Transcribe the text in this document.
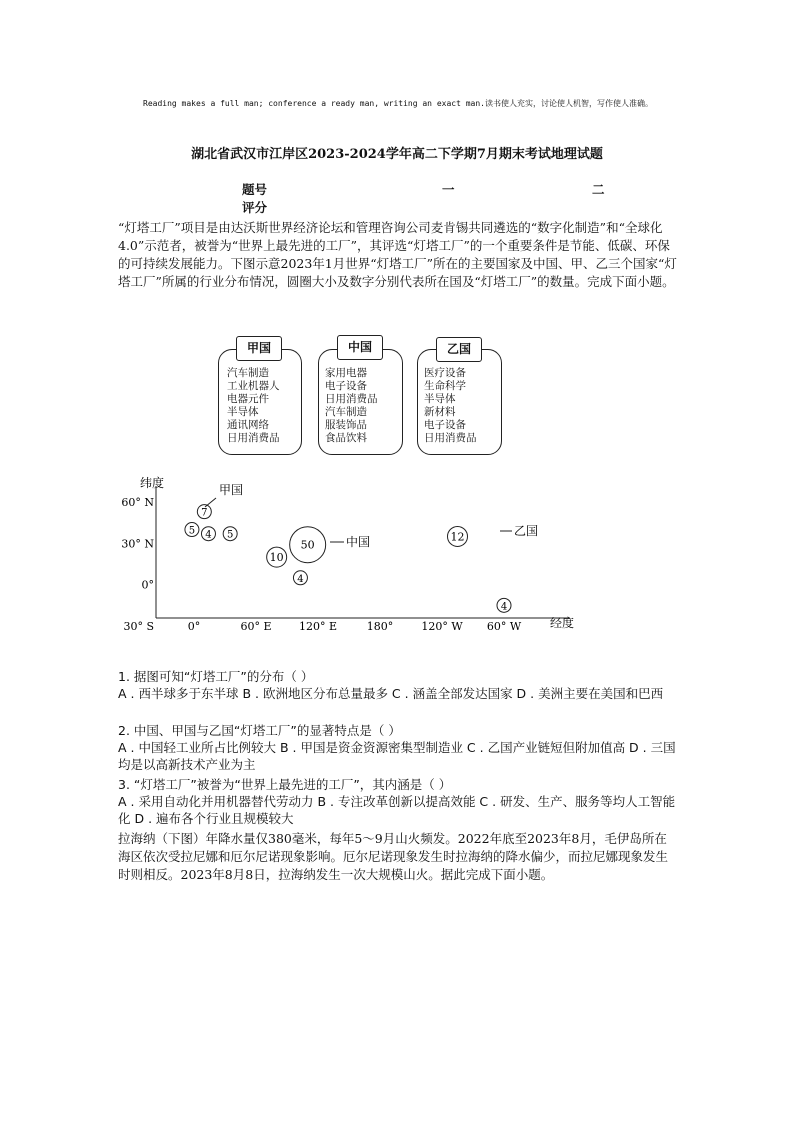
Reading makes a full man; conference a ready man, writing an exact man.读书使人充实，讨论使人机智，写作使人准确。
湖北省武汉市江岸区2023-2024学年高二下学期7月期末考试地理试题
题号	一	二
评分		
“灯塔工厂”项目是由达沃斯世界经济论坛和管理咨询公司麦肯锡共同遴选的“数字化制造”和“全球化4.0”示范者，被誉为“世界上最先进的工厂”，其评选“灯塔工厂”的一个重要条件是节能、低碳、环保的可持续发展能力。下图示意2023年1月世界“灯塔工厂”所在的主要国家及中国、甲、乙三个国家“灯塔工厂”所属的行业分布情况，圆圈大小及数字分别代表所在国及“灯塔工厂”的数量。完成下面小题。
汽车制造
工业机器人
电器元件
半导体
通讯网络
日用消费品
甲国
家用电器
电子设备
日用消费品
汽车制造
服装饰品
食品饮料
中国
医疗设备
生命科学
半导体
新材料
电子设备
日用消费品
乙国
60° N
30° N
0°
30° S	0°	60° E 120° E	180°	120° W 60° W
纬度
经度
7
5 4 5
50
10
4
12
4
甲国
中国
乙国
1. 据图可知“灯塔工厂”的分布（ ）
A . 西半球多于东半球 B . 欧洲地区分布总量最多 C . 涵盖全部发达国家 D . 美洲主要在美国和巴西
2. 中国、甲国与乙国“灯塔工厂”的显著特点是（ ）
A . 中国轻工业所占比例较大 B . 甲国是资金资源密集型制造业 C . 乙国产业链短但附加值高 D . 三国均是以高新技术产业为主
3. “灯塔工厂”被誉为“世界上最先进的工厂”，其内涵是（ ）
A . 采用自动化并用机器替代劳动力 B . 专注改革创新以提高效能 C . 研发、生产、服务等均人工智能化 D . 遍布各个行业且规模较大
拉海纳（下图）年降水量仅380毫米，每年5～9月山火频发。2022年底至2023年8月，毛伊岛所在海区依次受拉尼娜和厄尔尼诺现象影响。厄尔尼诺现象发生时拉海纳的降水偏少，而拉尼娜现象发生时则相反。2023年8月8日，拉海纳发生一次大规模山火。据此完成下面小题。
